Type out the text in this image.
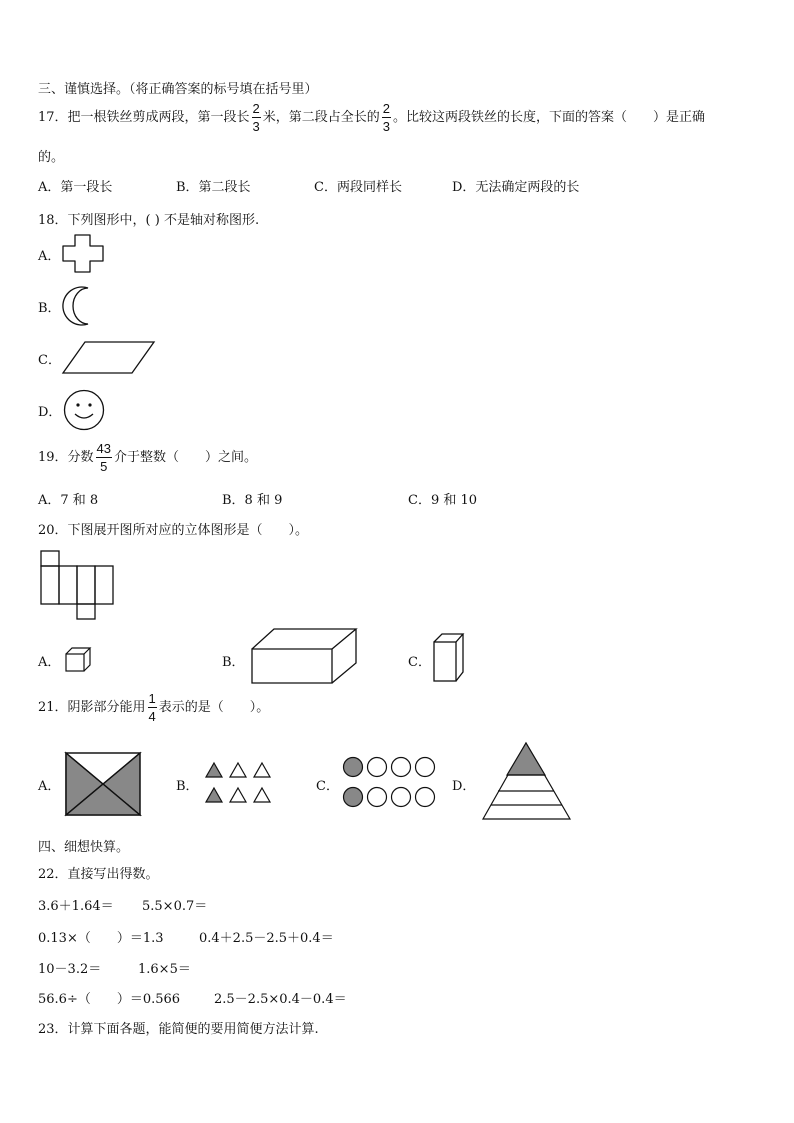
三、谨慎选择。（将正确答案的标号填在括号里）
17．把一根铁丝剪成两段，第一段长 $\frac{2}{3}$ 米，第二段占全长的 $\frac{2}{3}$ 。比较这两段铁丝的长度，下面的答案（　　）是正确
的。
A．第一段长	B．第二段长	C．两段同样长	D．无法确定两段的长
18．下列图形中，( ) 不是轴对称图形.
A．
B．
C．
D．
19．分数 $\frac{43}{5}$ 介于整数（　　）之间。
A．7 和 8	B．8 和 9	C．9 和 10
20．下图展开图所对应的立体图形是（　　）。
A．	B．	C．
21．阴影部分能用 $\frac{1}{4}$ 表示的是（　　）。
A．	B．	C．	D．
四、细想快算。
22．直接写出得数。
3.6＋1.64＝ 5.5×0.7＝
0.13×（　　）＝1.3	0.4＋2.5－2.5＋0.4＝
10－3.2＝	1.6×5＝
56.6÷（　　）＝0.566	2.5－2.5×0.4－0.4＝
23．计算下面各题，能简便的要用简便方法计算.
